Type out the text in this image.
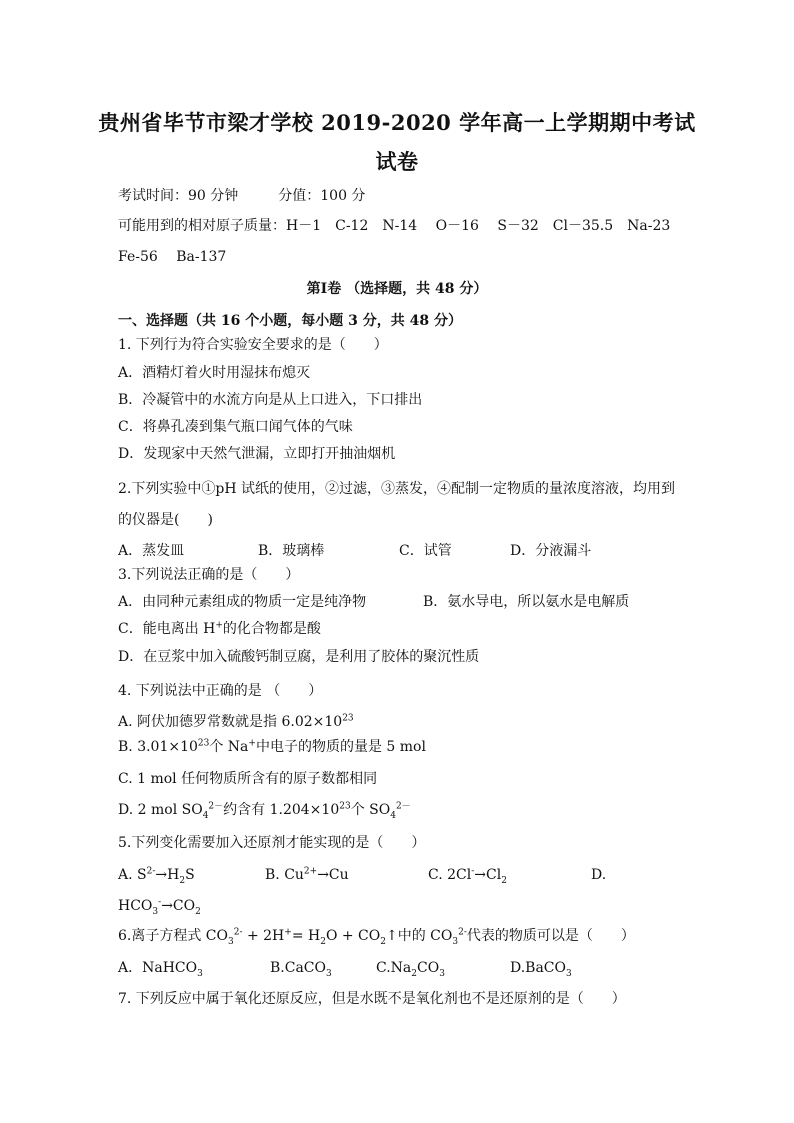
贵州省毕节市梁才学校 2019-2020 学年高一上学期期中考试
试卷
考试时间：90 分钟	分值：100 分
可能用到的相对原子质量：H－1　C-12　N-14　 O－16　 S－32　Cl－35.5　Na-23
Fe-56　 Ba-137
第Ⅰ卷 （选择题，共 48 分）
一、选择题（共 16 个小题，每小题 3 分，共 48 分）
1. 下列行为符合实验安全要求的是（　　）
A．酒精灯着火时用湿抹布熄灭
B．冷凝管中的水流方向是从上口进入，下口排出
C．将鼻孔凑到集气瓶口闻气体的气味
D．发现家中天然气泄漏，立即打开抽油烟机
2.下列实验中①pH 试纸的使用，②过滤，③蒸发，④配制一定物质的量浓度溶液，均用到
的仪器是(　　)
A．蒸发皿	B．玻璃棒	C．试管	D．分液漏斗
3.下列说法正确的是（　　）
A．由同种元素组成的物质一定是纯净物	B．氨水导电，所以氨水是电解质
C．能电离出 H+的化合物都是酸
D．在豆浆中加入硫酸钙制豆腐，是利用了胶体的聚沉性质
4. 下列说法中正确的是 （　　）
A. 阿伏加德罗常数就是指 $6.02\times 10^{23}$
B. $3.01\times 10^{23}$个 Na+中电子的物质的量是 5 mol
C. 1 mol 任何物质所含有的原子数都相同
D. 2 mol $SO_4^{2-}$约含有 $1.204\times 10^{23}$个 $SO_4^{2-}$
5.下列变化需要加入还原剂才能实现的是（　　）
A. $S^{2-}\to H_2S$	B. $Cu^{2+}\to Cu$	C. $2Cl^-\to Cl_2$	D.
$HCO_3^-\to CO_2$
6.离子方程式 $CO_3^{2-} + 2H^+= H_2O$ + $CO_2↑$中的 $CO_3^{2-}$代表的物质可以是（　　）
A．NaHCO$_3$	B.CaCO$_3$	$C.Na_2CO_3$	D.BaCO$_3$
7. 下列反应中属于氧化还原反应，但是水既不是氧化剂也不是还原剂的是（　　）
